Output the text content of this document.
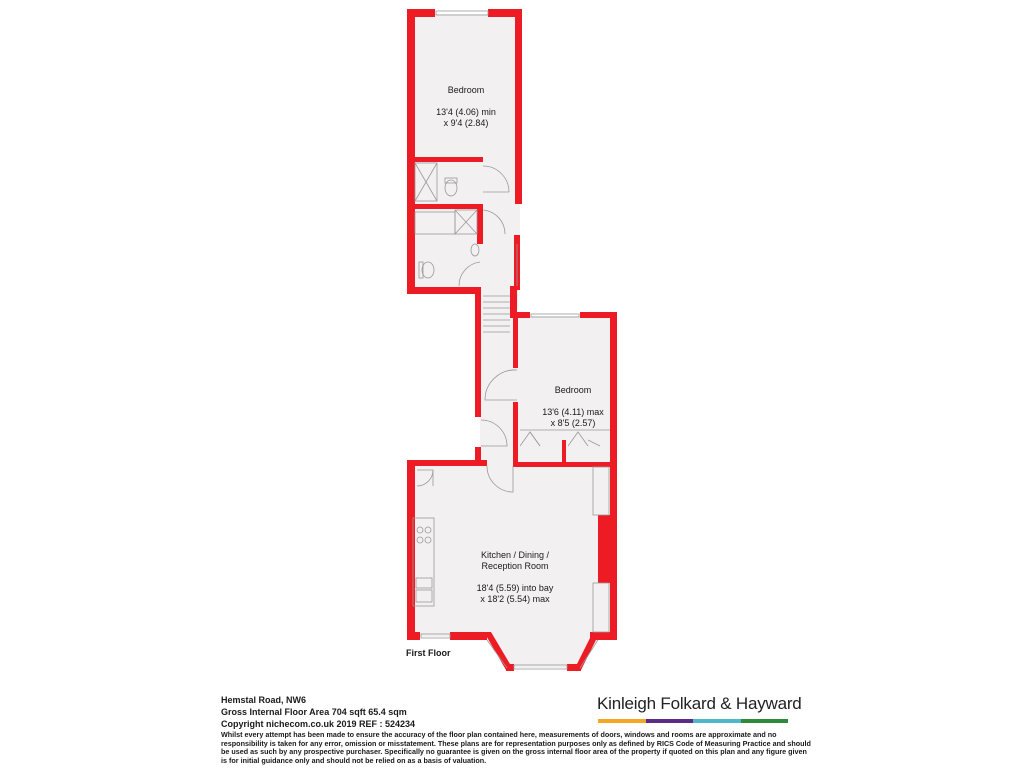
Bedroom

13'4 (4.06) min
x 9'4 (2.84)

Bedroom

13'6 (4.11) max
x 8'5 (2.57)

Kitchen / Dining /
Reception Room

18'4 (5.59) into bay
x 18'2 (5.54) max

First Floor
Hemstal Road, NW6
Gross Internal Floor Area 704 sqft 65.4 sqm
Copyright nichecom.co.uk 2019 REF : 524234
Whilst every attempt has been made to ensure the accuracy of the floor plan contained here, measurements of doors, windows and rooms are approximate and no responsibility is taken for any error, omission or misstatement. These plans are for representation purposes only as defined by RICS Code of Measuring Practice and should be used as such by any prospective purchaser. Specifically no guarantee is given on the gross internal floor area of the property if quoted on this plan and any figure given is for initial guidance only and should not be relied on as a basis of valuation.
Kinleigh Folkard & Hayward
